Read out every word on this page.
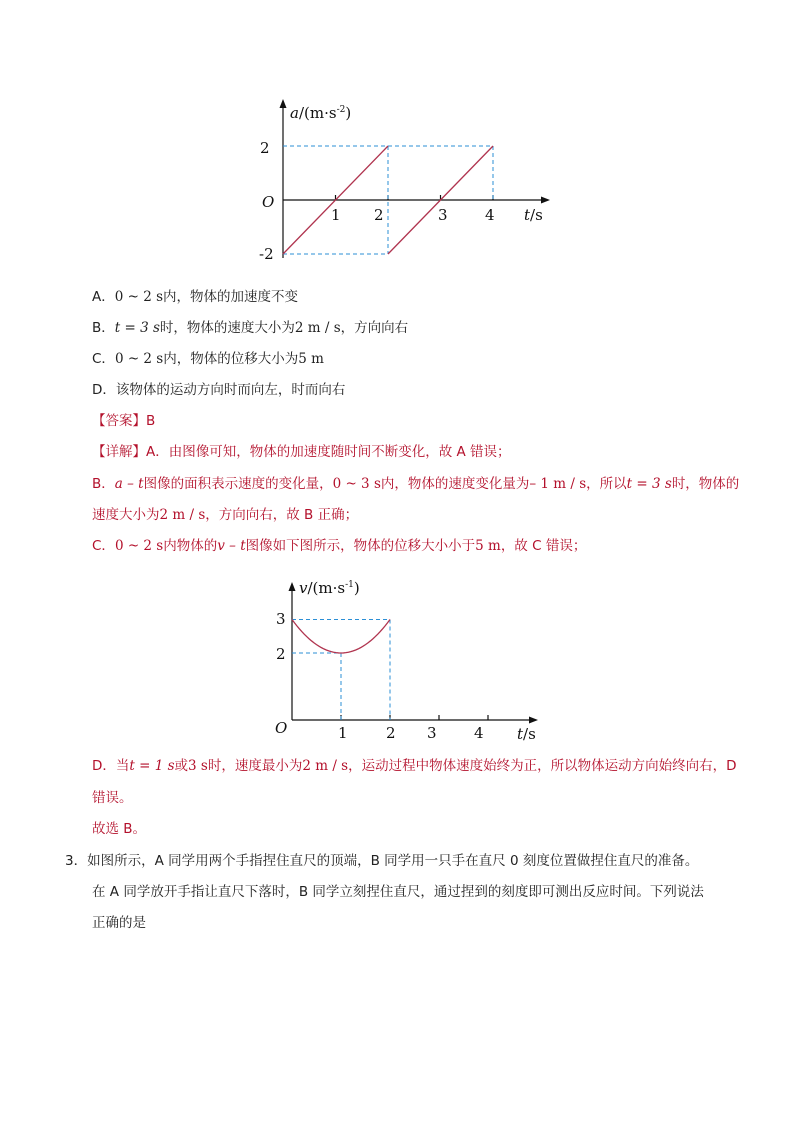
$a/(m\cdot s^{-2})$
O
2
-2
1 2	3 4 t/s
A．0 ~ 2 s内，物体的加速度不变
B．t = 3 s时，物体的速度大小为2 m / s，方向向右
C．0 ~ 2 s内，物体的位移大小为5 m
D．该物体的运动方向时而向左，时而向右
【答案】B
【详解】A．由图像可知，物体的加速度随时间不断变化，故 A 错误；
B．a – t图像的面积表示速度的变化量，0 ~ 3 s内，物体的速度变化量为– 1 m / s，所以t = 3 s时，物体的
速度大小为2 m / s，方向向右，故 B 正确；
C．0 ~ 2 s内物体的v – t图像如下图所示，物体的位移大小小于5 m，故 C 错误；
$v/(m\cdot s^{-1})$
O
3
2
1	2 3 4 t/s
D．当t = 1 s或3 s时，速度最小为2 m / s，运动过程中物体速度始终为正，所以物体运动方向始终向右，D
错误。
故选 B。
3．如图所示，A 同学用两个手指捏住直尺的顶端，B 同学用一只手在直尺 0 刻度位置做捏住直尺的准备。
在 A 同学放开手指让直尺下落时，B 同学立刻捏住直尺，通过捏到的刻度即可测出反应时间。下列说法
正确的是
